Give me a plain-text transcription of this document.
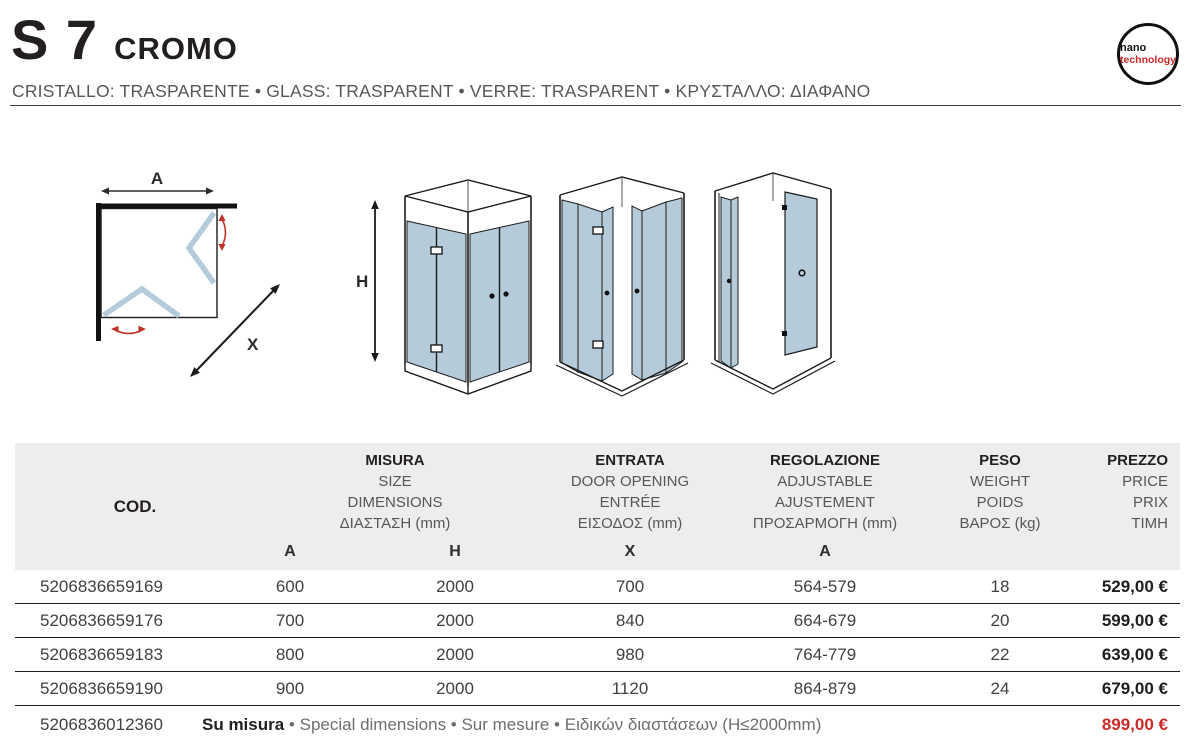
S 7 CROMO
CRISTALLO: TRASPARENTE • GLASS: TRASPARENT • VERRE: TRASPARENT • ΚΡΥΣΤΑΛΛΟ: ΔΙΑΦΑΝΟ
nano
technology
A
X
H
COD.
MISURA
SIZE
DIMENSIONS
ΔΙΑΣΤΑΣΗ (mm)
ENTRATA
DOOR OPENING
ENTRÉE
ΕΙΣΟΔΟΣ (mm)
REGOLAZIONE
ADJUSTABLE
AJUSTEMENT
ΠΡΟΣΑΡΜΟΓΗ (mm)
PESO
WEIGHT
POIDS
ΒΑΡΟΣ (kg)
PREZZO
PRICE
PRIX
ΤΙΜΗ
A	H	X	A
5206836659169	600	2000	700	564-579	18	529,00 €
5206836659176	700	2000	840	664-679	20	599,00 €
5206836659183	800	2000	980	764-779	22	639,00 €
5206836659190	900	2000	1120	864-879	24	679,00 €
5206836012360	Su misura • Special dimensions • Sur mesure • Ειδικών διαστάσεων (H≤2000mm)	899,00 €
